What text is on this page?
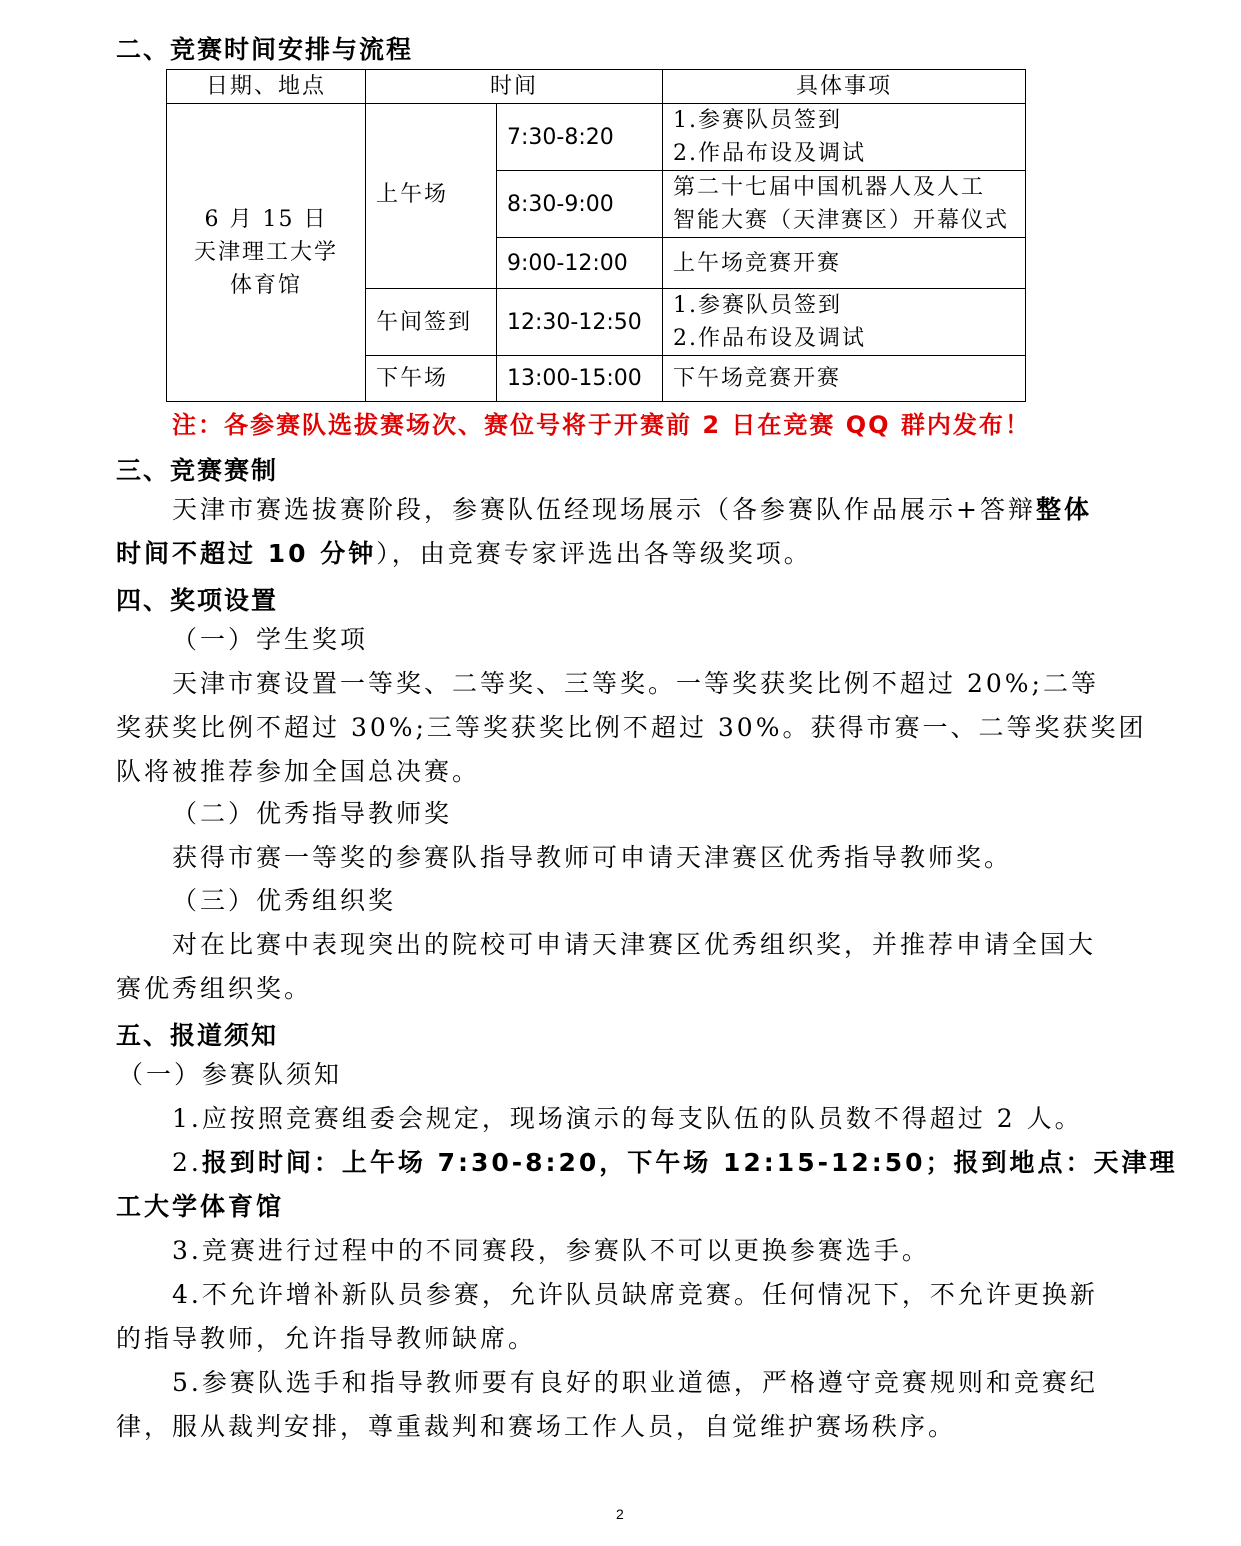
二、竞赛时间安排与流程
日期、地点	时间		具体事项

6 月 15 日
天津理工大学
体育馆	上午场	7:30-8:20	1.参赛队员签到
2.作品布设及调试

		8:30-9:00	第二十七届中国机器人及人工
智能大赛（天津赛区）开幕仪式

		9:00-12:00	上午场竞赛开赛
	午间签到	12:30-12:50	1.参赛队员签到
2.作品布设及调试

	下午场	13:00-15:00	下午场竞赛开赛
注：各参赛队选拔赛场次、赛位号将于开赛前 2 日在竞赛 QQ 群内发布！
三、竞赛赛制
天津市赛选拔赛阶段，参赛队伍经现场展示（各参赛队作品展示+答辩整体
时间不超过 10 分钟），由竞赛专家评选出各等级奖项。
四、奖项设置
（一）学生奖项
天津市赛设置一等奖、二等奖、三等奖。一等奖获奖比例不超过 20%;二等
奖获奖比例不超过 30%;三等奖获奖比例不超过 30%。获得市赛一、二等奖获奖团
队将被推荐参加全国总决赛。
（二）优秀指导教师奖
获得市赛一等奖的参赛队指导教师可申请天津赛区优秀指导教师奖。
（三）优秀组织奖
对在比赛中表现突出的院校可申请天津赛区优秀组织奖，并推荐申请全国大
赛优秀组织奖。
五、报道须知
（一）参赛队须知
1.应按照竞赛组委会规定，现场演示的每支队伍的队员数不得超过 2 人。
2.报到时间：上午场 7:30-8:20，下午场 12:15-12:50；报到地点：天津理
工大学体育馆
3.竞赛进行过程中的不同赛段，参赛队不可以更换参赛选手。
4.不允许增补新队员参赛，允许队员缺席竞赛。任何情况下，不允许更换新
的指导教师，允许指导教师缺席。
5.参赛队选手和指导教师要有良好的职业道德，严格遵守竞赛规则和竞赛纪
律，服从裁判安排，尊重裁判和赛场工作人员，自觉维护赛场秩序。
2
